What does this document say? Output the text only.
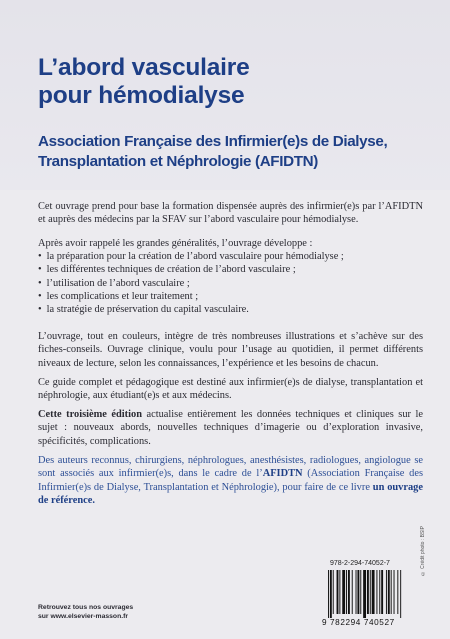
L’abord vasculaire
pour hémodialyse
Association Française des Infirmier(e)s de Dialyse,
Transplantation et Néphrologie (AFIDTN)

Cet ouvrage prend pour base la formation dispensée auprès des infirmier(e)s par l’AFIDTN et auprès des médecins par la SFAV sur l’abord vasculaire pour hémodialyse.

Après avoir rappelé les grandes généralités, l’ouvrage développe :

• la préparation pour la création de l’abord vasculaire pour hémodialyse ;
• les différentes techniques de création de l’abord vasculaire ;
• l’utilisation de l’abord vasculaire ;
• les complications et leur traitement ;
• la stratégie de préservation du capital vasculaire.

L’ouvrage, tout en couleurs, intègre de très nombreuses illustrations et s’achève sur des fiches-conseils. Ouvrage clinique, voulu pour l’usage au quotidien, il permet différents niveaux de lecture, selon les connaissances, l’expérience et les besoins de chacun.

Ce guide complet et pédagogique est destiné aux infirmier(e)s de dialyse, transplantation et néphrologie, aux étudiant(e)s et aux médecins.

Cette troisième édition actualise entièrement les données techniques et cliniques sur le sujet : nouveaux abords, nouvelles techniques d’imagerie ou d’exploration invasive, spécificités, complications.

Des auteurs reconnus, chirurgiens, néphrologues, anesthésistes, radiologues, angiologue se sont associés aux infirmier(e)s, dans le cadre de l’AFIDTN (Association Française des Infirmier(e)s de Dialyse, Transplantation et Néphrologie), pour faire de ce livre un ouvrage de référence.

© Crédit photo : BSIP
978-2-294-74052-7
9 782294 740527
Retrouvez tous nos ouvrages
sur www.elsevier-masson.fr
